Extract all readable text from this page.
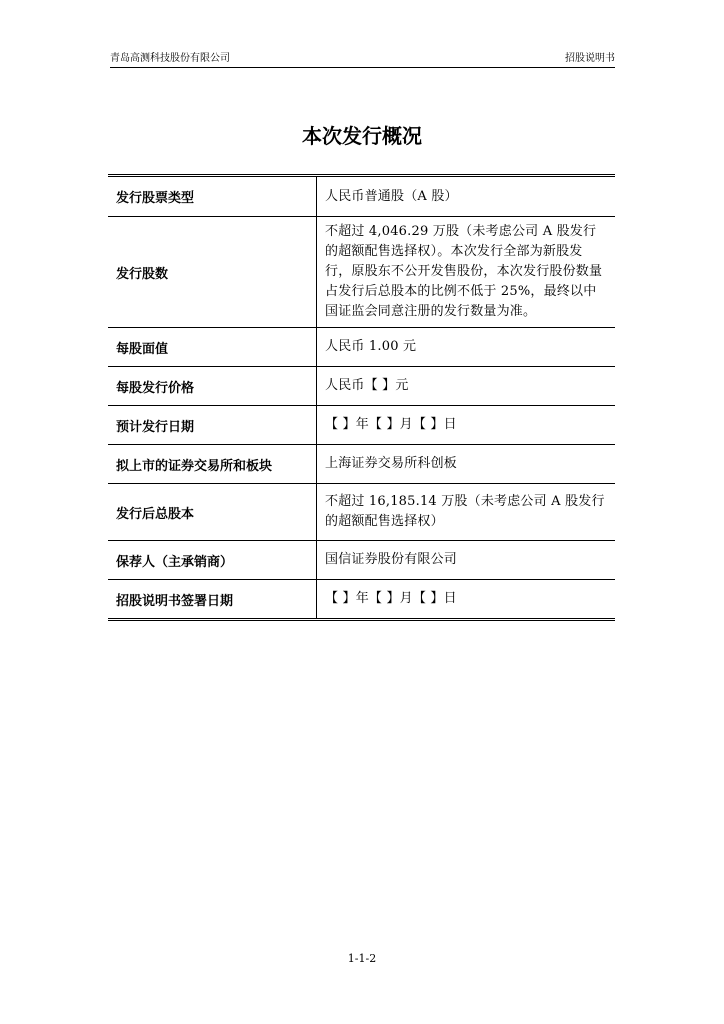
青岛高测科技股份有限公司	招股说明书
本次发行概况
发行股票类型	人民币普通股（A 股）
发行股数	不超过 4,046.29 万股（未考虑公司 A 股发行的超额配售选择权）。本次发行全部为新股发行，原股东不公开发售股份，本次发行股份数量占发行后总股本的比例不低于 25%，最终以中国证监会同意注册的发行数量为准。
每股面值	人民币 1.00 元
每股发行价格	人民币【 】元
预计发行日期	【 】年【 】月【 】日
拟上市的证券交易所和板块	上海证券交易所科创板
发行后总股本	不超过 16,185.14 万股（未考虑公司 A 股发行的超额配售选择权）
保荐人（主承销商）	国信证券股份有限公司
招股说明书签署日期	【 】年【 】月【 】日
1-1-2
